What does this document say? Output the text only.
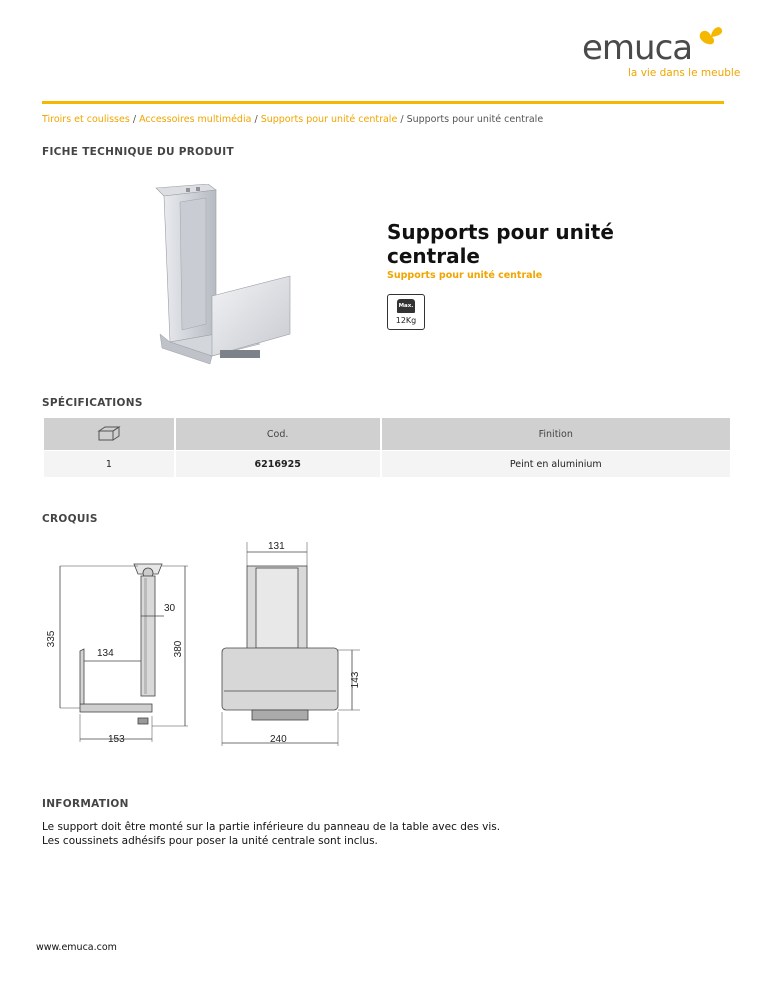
emuca
la vie dans le meuble
Tiroirs et coulisses / Accessoires multimédia / Supports pour unité centrale / Supports pour unité centrale
FICHE TECHNIQUE DU PRODUIT
Supports pour unité centrale
Supports pour unité centrale
Max.
12Kg
SPÉCIFICATIONS
	Cod.	Finition
1	6216925	Peint en aluminium
CROQUIS
335
134
30
380
153
131
143
240
INFORMATION
Le support doit être monté sur la partie inférieure du panneau de la table avec des vis.
Les coussinets adhésifs pour poser la unité centrale sont inclus.
www.emuca.com
